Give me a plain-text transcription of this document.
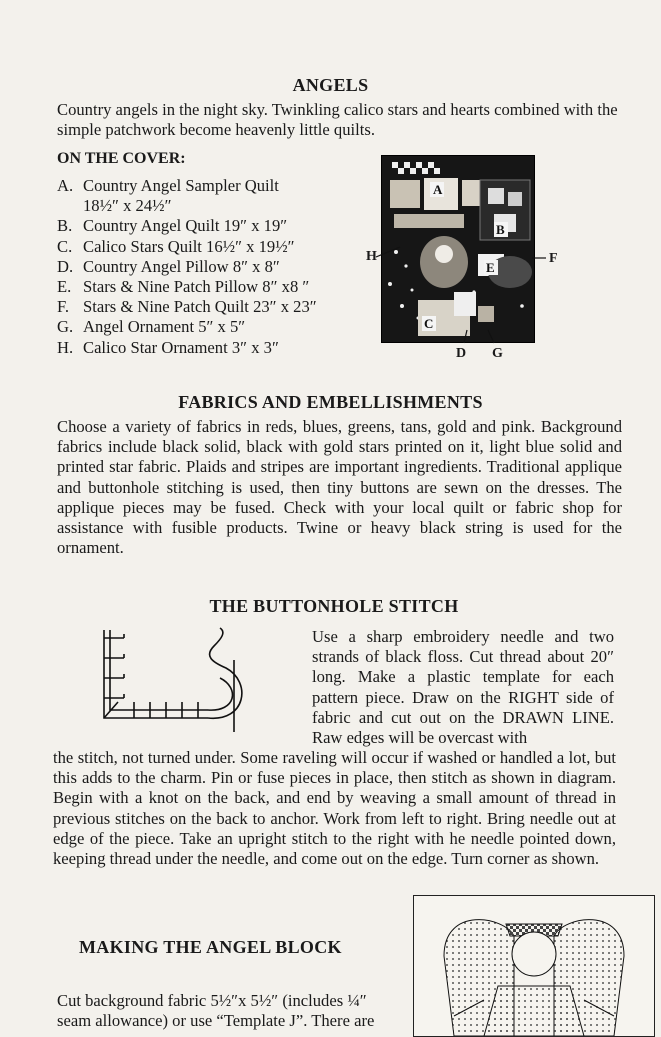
ANGELS

Country angels in the night sky. Twinkling calico stars and hearts combined with the simple patchwork become heavenly little quilts.

ON THE COVER:
A. Country Angel Sampler Quilt
18½″ x 24½″
B. Country Angel Quilt 19″ x 19″
C. Calico Stars Quilt 16½″ x 19½″
D. Country Angel Pillow 8″ x 8″
E. Stars & Nine Patch Pillow 8″ x8 ″
F. Stars & Nine Patch Quilt 23″ x 23″
G. Angel Ornament 5″ x 5″
H. Calico Star Ornament 3″ x 3″
A
B
E
C
H	F
D G
FABRICS AND EMBELLISHMENTS

Choose a variety of fabrics in reds, blues, greens, tans, gold and pink. Background fabrics include black solid, black with gold stars printed on it, light blue solid and printed star fabric. Plaids and stripes are important ingredients. Traditional applique and buttonhole stitching is used, then tiny buttons are sewn on the dresses. The applique pieces may be fused. Check with your local quilt or fabric shop for assistance with fusible products. Twine or heavy black string is used for the ornament.

THE BUTTONHOLE STITCH

Use a sharp embroidery needle and two strands of black floss. Cut thread about 20″ long. Make a plastic template for each pattern piece. Draw on the RIGHT side of fabric and cut out on the DRAWN LINE. Raw edges will be overcast with

the stitch, not turned under. Some raveling will occur if washed or handled a lot, but this adds to the charm. Pin or fuse pieces in place, then stitch as shown in diagram. Begin with a knot on the back, and end by weaving a small amount of thread in previous stitches on the back to anchor. Work from left to right. Bring needle out at edge of the piece. Take an upright stitch to the right with he needle pointed down, keeping thread under the needle, and come out on the edge. Turn corner as shown.

MAKING THE ANGEL BLOCK

Cut background fabric 5½″x 5½″ (includes ¼″ seam allowance) or use “Template J”. There are
